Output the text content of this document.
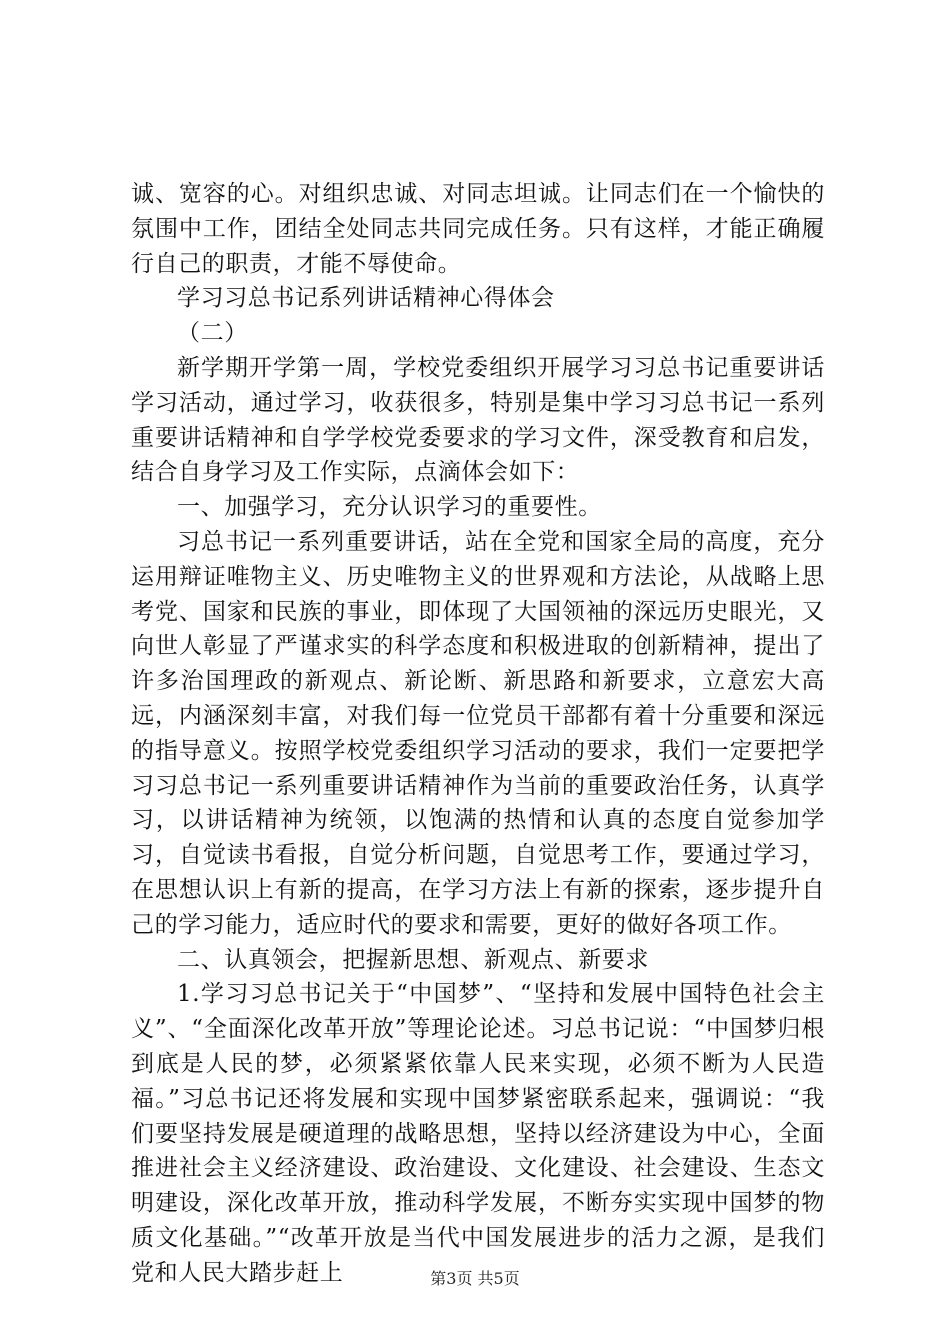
诚、宽容的心。对组织忠诚、对同志坦诚。让同志们在一个愉快的氛围中工作，团结全处同志共同完成任务。只有这样，才能正确履行自己的职责，才能不辱使命。

学习习总书记系列讲话精神心得体会

（二）

新学期开学第一周，学校党委组织开展学习习总书记重要讲话学习活动，通过学习，收获很多，特别是集中学习习总书记一系列重要讲话精神和自学学校党委要求的学习文件，深受教育和启发，结合自身学习及工作实际，点滴体会如下：

一、加强学习，充分认识学习的重要性。

习总书记一系列重要讲话，站在全党和国家全局的高度，充分运用辩证唯物主义、历史唯物主义的世界观和方法论，从战略上思考党、国家和民族的事业，即体现了大国领袖的深远历史眼光，又向世人彰显了严谨求实的科学态度和积极进取的创新精神，提出了许多治国理政的新观点、新论断、新思路和新要求，立意宏大高远，内涵深刻丰富，对我们每一位党员干部都有着十分重要和深远的指导意义。按照学校党委组织学习活动的要求，我们一定要把学习习总书记一系列重要讲话精神作为当前的重要政治任务，认真学习，以讲话精神为统领，以饱满的热情和认真的态度自觉参加学习，自觉读书看报，自觉分析问题，自觉思考工作，要通过学习，在思想认识上有新的提高，在学习方法上有新的探索，逐步提升自己的学习能力，适应时代的要求和需要，更好的做好各项工作。

二、认真领会，把握新思想、新观点、新要求

1.学习习总书记关于“中国梦”、“坚持和发展中国特色社会主义”、“全面深化改革开放”等理论论述。习总书记说：“中国梦归根到底是人民的梦，必须紧紧依靠人民来实现，必须不断为人民造福。”习总书记还将发展和实现中国梦紧密联系起来，强调说：“我们要坚持发展是硬道理的战略思想，坚持以经济建设为中心，全面推进社会主义经济建设、政治建设、文化建设、社会建设、生态文明建设，深化改革开放，推动科学发展，不断夯实实现中国梦的物质文化基础。”“改革开放是当代中国发展进步的活力之源，是我们党和人民大踏步赶上	第3页 共5页
